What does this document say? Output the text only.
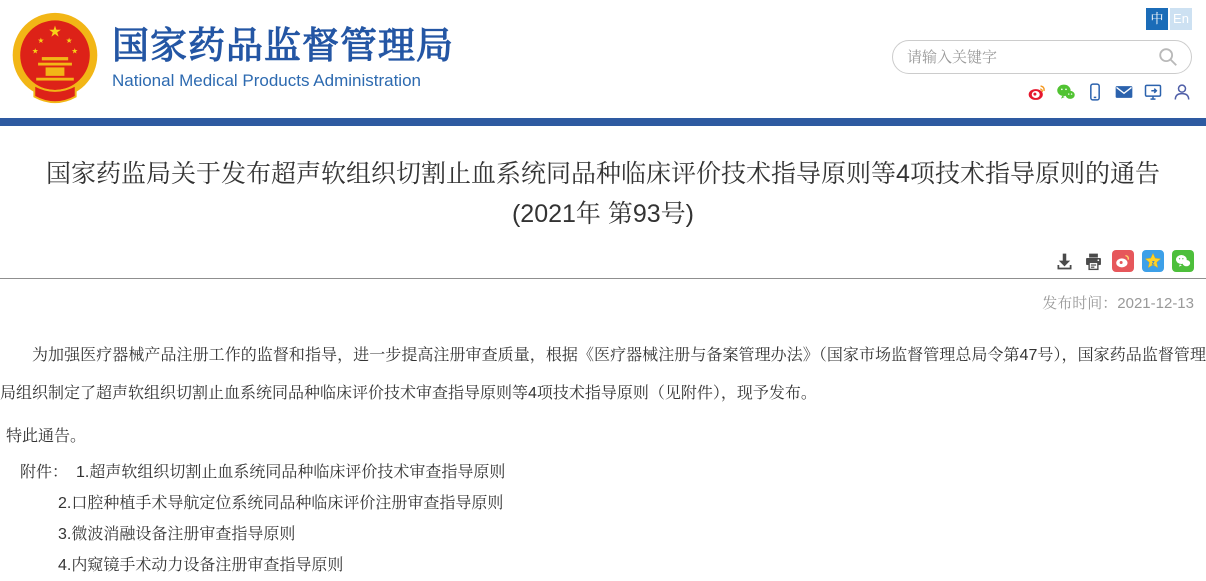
★
★	★
★	★ 国家药品监督管理局
National Medical Products Administration
中 En
请输入关键字
国家药监局关于发布超声软组织切割止血系统同品种临床评价技术指导原则等4项技术指导原则的通告
(2021年 第93号)
z
发布时间：2021-12-13

为加强医疗器械产品注册工作的监督和指导，进一步提高注册审查质量，根据《医疗器械注册与备案管理办法》（国家市场监督管理总局令第47号），国家药品监督管理局组织制定了超声软组织切割止血系统同品种临床评价技术审查指导原则等4项技术指导原则（见附件），现予发布。

特此通告。

附件： 1.超声软组织切割止血系统同品种临床评价技术审查指导原则
2.口腔种植手术导航定位系统同品种临床评价注册审查指导原则
3.微波消融设备注册审查指导原则
4.内窥镜手术动力设备注册审查指导原则
